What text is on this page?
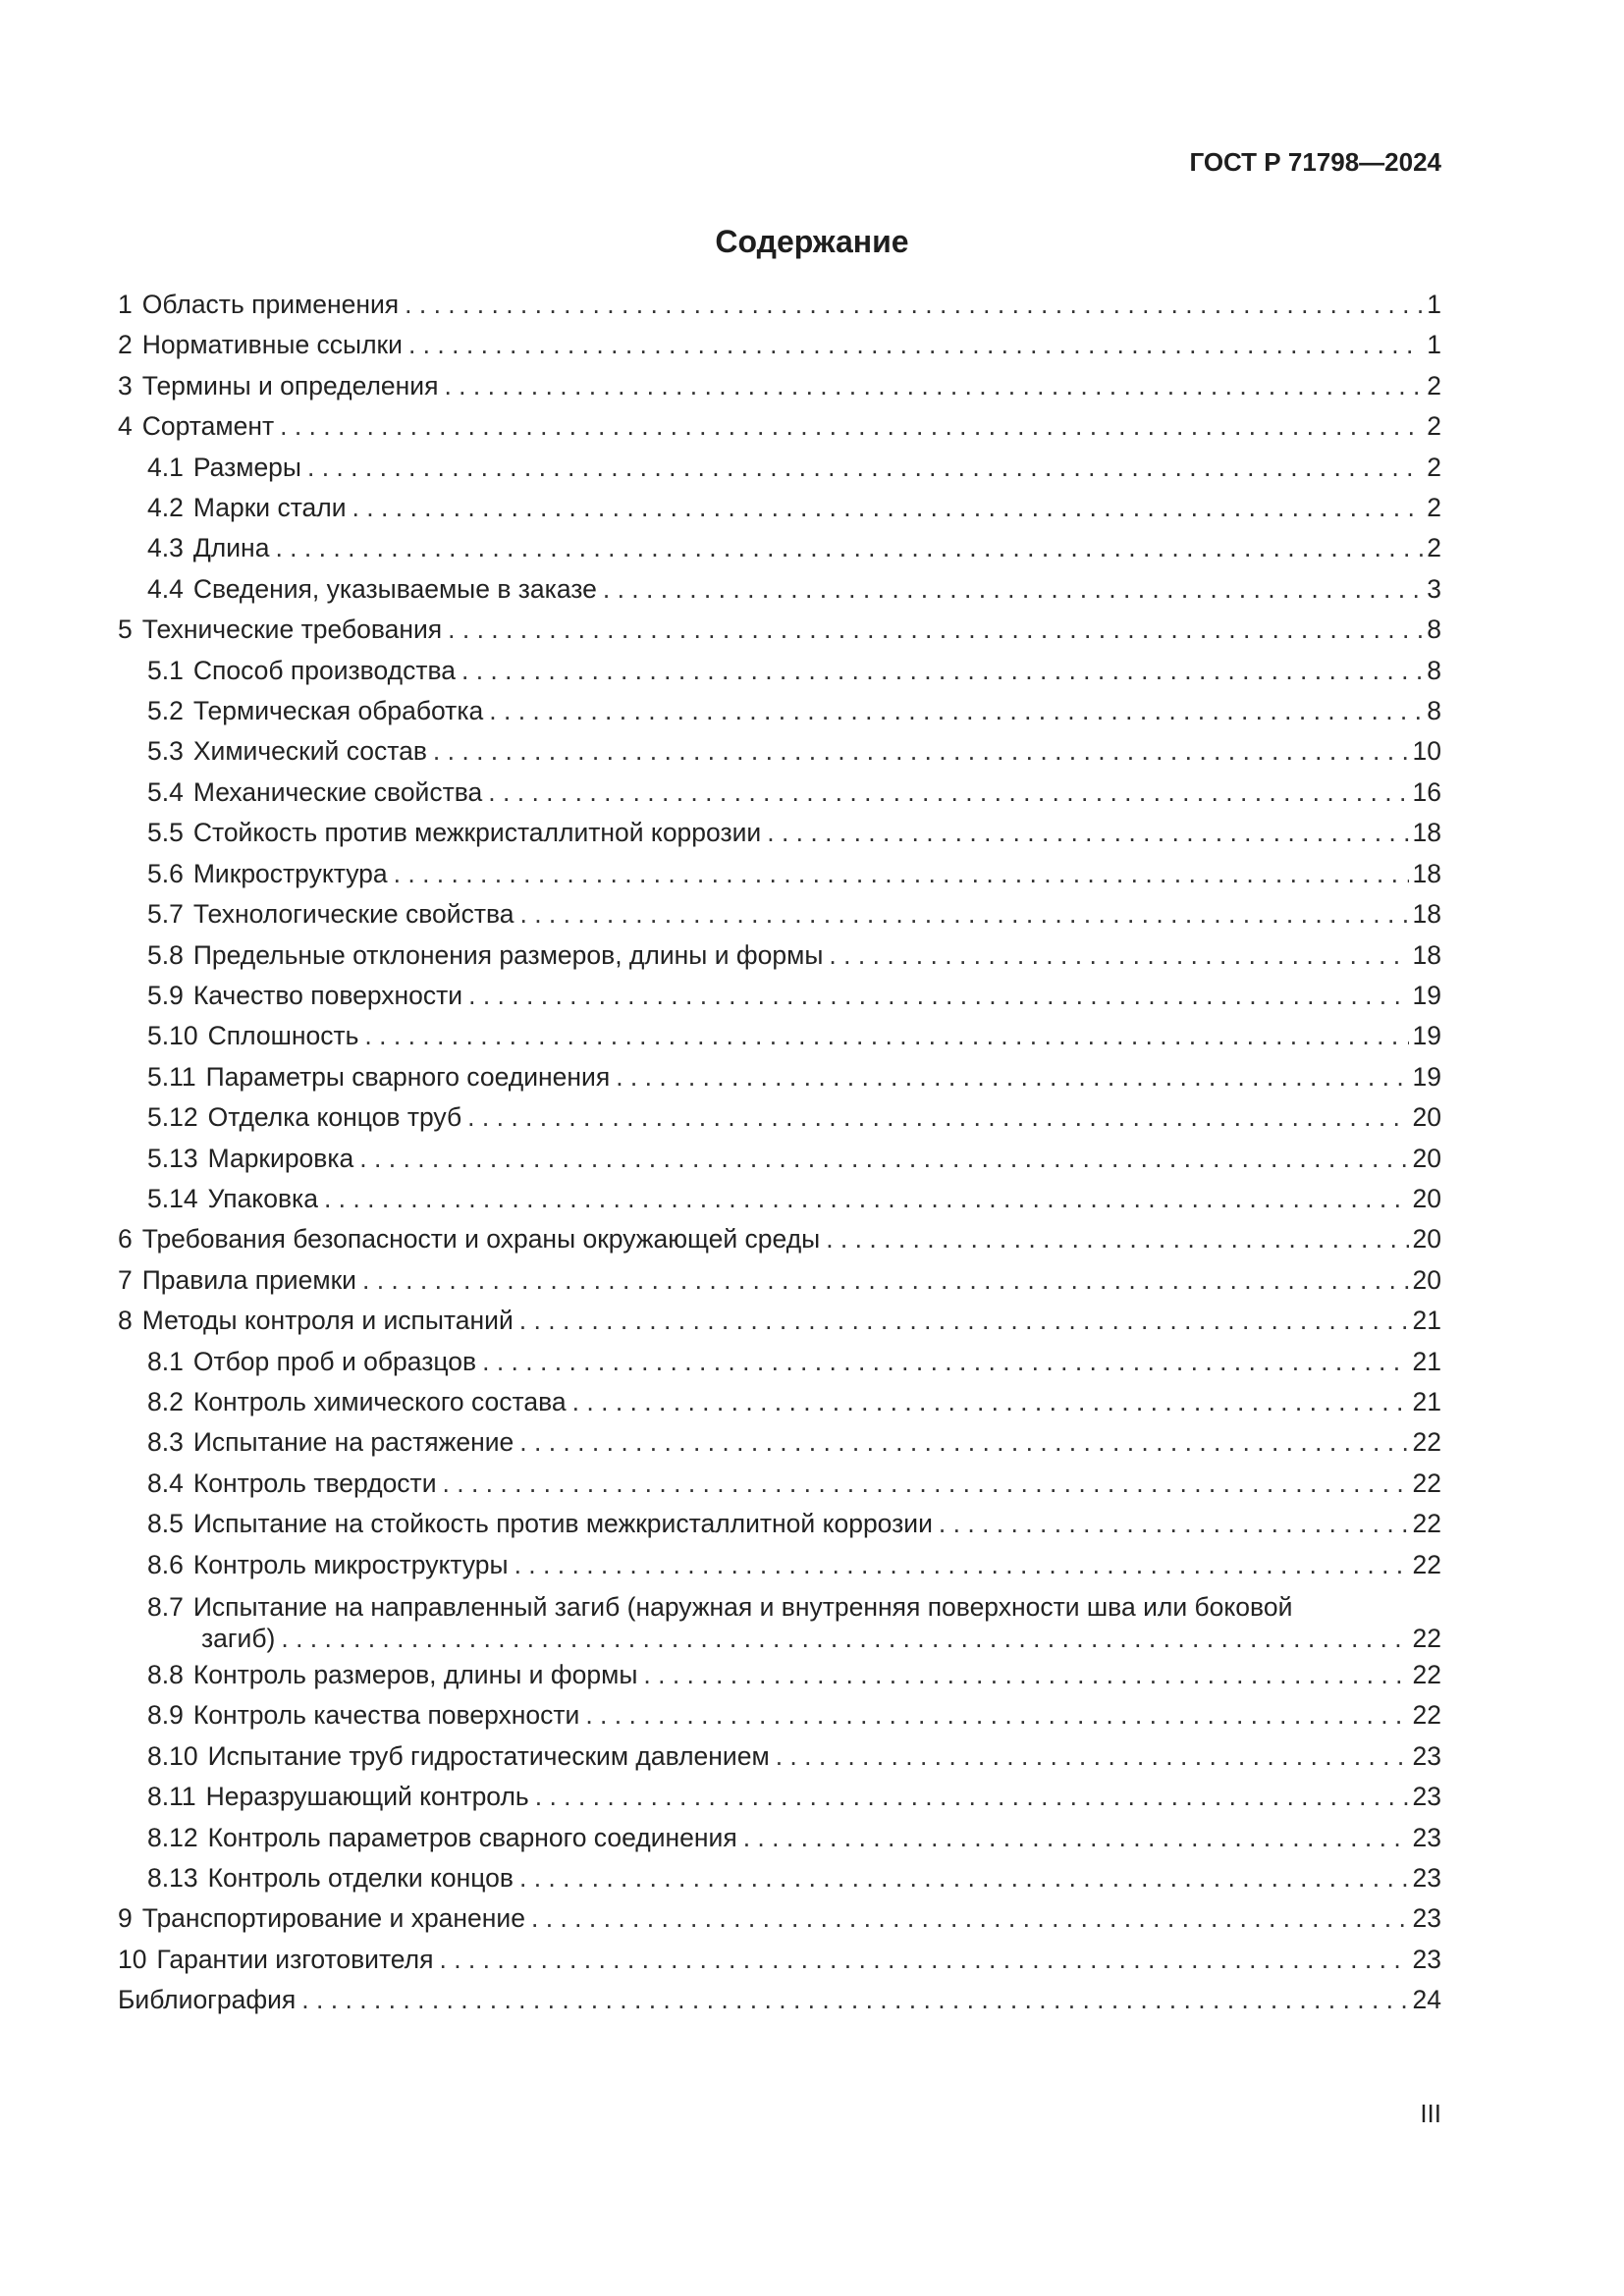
ГОСТ Р 71798—2024
Содержание
1 Область применения . . .	1
2 Нормативные ссылки . . .	1
3 Термины и определения . . .	2
4 Сортамент . . .	2
4.1 Размеры . . .	2
4.2 Марки стали . . .	2
4.3 Длина . . .	2
4.4 Сведения, указываемые в заказе . . .	3
5 Технические требования . . .	8
5.1 Способ производства . . .	8
5.2 Термическая обработка . . .	8
5.3 Химический состав . . .	10
5.4 Механические свойства . . .	16
5.5 Стойкость против межкристаллитной коррозии . . .	18
5.6 Микроструктура . . .	18
5.7 Технологические свойства . . .	18
5.8 Предельные отклонения размеров, длины и формы . . .	18
5.9 Качество поверхности . . .	19
5.10 Сплошность . . .	19
5.11 Параметры сварного соединения . . .	19
5.12 Отделка концов труб . . .	20
5.13 Маркировка . . .	20
5.14 Упаковка . . .	20
6 Требования безопасности и охраны окружающей среды . . .	20
7 Правила приемки . . .	20
8 Методы контроля и испытаний . . .	21
8.1 Отбор проб и образцов . . .	21
8.2 Контроль химического состава . . .	21
8.3 Испытание на растяжение . . .	22
8.4 Контроль твердости . . .	22
8.5 Испытание на стойкость против межкристаллитной коррозии . . .	22
8.6 Контроль микроструктуры . . .	22
8.7 Испытание на направленный загиб (наружная и внутренняя поверхности шва или боковой
загиб) . . .	22
8.8 Контроль размеров, длины и формы . . .	22
8.9 Контроль качества поверхности . . .	22
8.10 Испытание труб гидростатическим давлением . . .	23
8.11 Неразрушающий контроль . . .	23
8.12 Контроль параметров сварного соединения . . .	23
8.13 Контроль отделки концов . . .	23
9 Транспортирование и хранение . . .	23
10 Гарантии изготовителя . . .	23
Библиография . . .	24
III
